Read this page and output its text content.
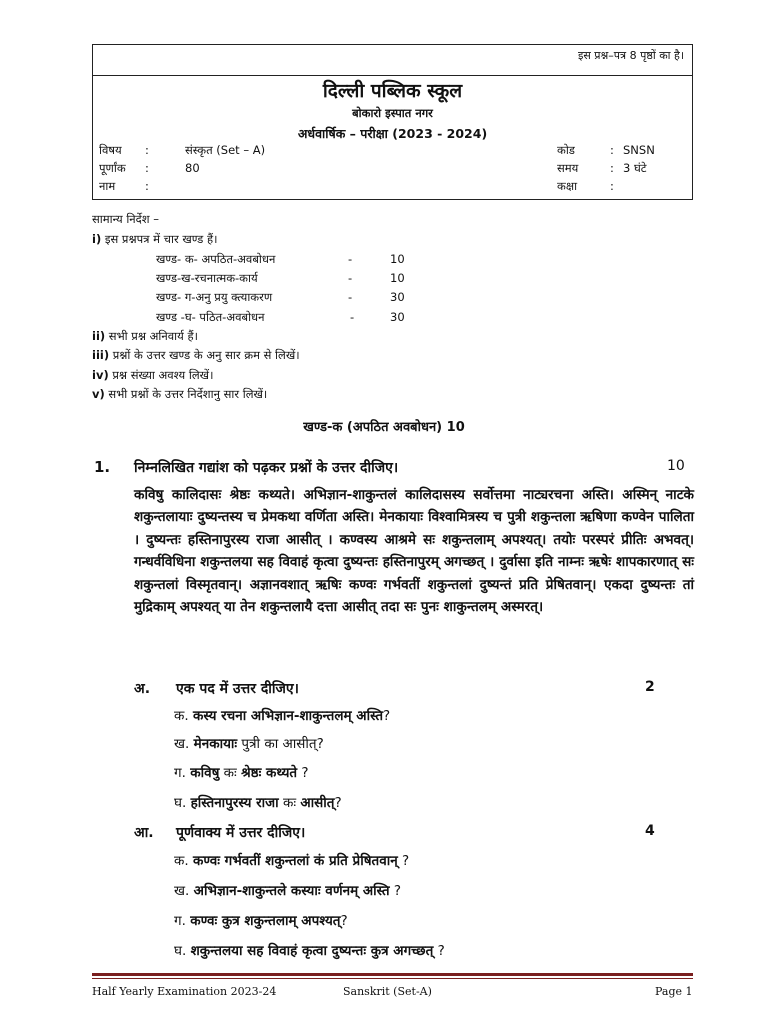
इस प्रश्न–पत्र 8 पृष्ठों का है।
दिल्ली पब्लिक स्कूल
बोकारो इस्पात नगर
अर्धवार्षिक – परीक्षा (2023 - 2024)
विषय :	संस्कृत (Set – A)	कोड	: SNSN
पूर्णांक :	80	समय	: 3 घंटे
नाम	:	कक्षा	:
सामान्य निर्देश –
i) इस प्रश्नपत्र में चार खण्ड हैं।
खण्ड- क- अपठित-अवबोधन	-	10
खण्ड-ख-रचनात्मक-कार्य	-	10
खण्ड- ग-अनु प्रयु क्त्याकरण	-	30
खण्ड -घ- पठित-अवबोधन	-	30
ii) सभी प्रश्न अनिवार्य हैं।
iii) प्रश्नों के उत्तर खण्ड के अनु सार क्रम से लिखें।
iv) प्रश्न संख्या अवश्य लिखें।
v) सभी प्रश्नों के उत्तर निर्देशानु सार लिखें।
खण्ड-क (अपठित अवबोधन) 10
1. निम्नलिखित गद्यांश को पढ़कर प्रश्नों के उत्तर दीजिए।	10
कविषु कालिदासः श्रेष्ठः कथ्यते। अभिज्ञान-शाकुन्तलं कालिदासस्य सर्वोत्तमा नाट्यरचना अस्ति। अस्मिन् नाटके शकुन्तलायाः दुष्यन्तस्य च प्रेमकथा वर्णिता अस्ति। मेनकायाः विश्वामित्रस्य च पुत्री शकुन्तला ऋषिणा कण्वेन पालिता । दुष्यन्तः हस्तिनापुरस्य राजा आसीत् । कण्वस्य आश्रमे सः शकुन्तलाम् अपश्यत्। तयोः परस्परं प्रीतिः अभवत्। गन्धर्वविधिना शकुन्तलया सह विवाहं कृत्वा दुष्यन्तः हस्तिनापुरम् अगच्छत् । दुर्वासा इति नाम्नः ऋषेः शापकारणात् सः शकुन्तलां विस्मृतवान्। अज्ञानवशात् ऋषिः कण्वः गर्भवतीं शकुन्तलां दुष्यन्तं प्रति प्रेषितवान्। एकदा दुष्यन्तः तां मुद्रिकाम् अपश्यत् या तेन शकुन्तलायै दत्ता आसीत् तदा सः पुनः शाकुन्तलम् अस्मरत्।
अ. एक पद में उत्तर दीजिए।	2
क. कस्य रचना अभिज्ञान-शाकुन्तलम् अस्ति?
ख. मेनकायाः पुत्री का आसीत्?
ग. कविषु कः श्रेष्ठः कथ्यते ?
घ. हस्तिनापुरस्य राजा कः आसीत्?
आ. पूर्णवाक्य में उत्तर दीजिए।	4
क. कण्वः गर्भवतीं शकुन्तलां कं प्रति प्रेषितवान् ?
ख. अभिज्ञान-शाकुन्तले कस्याः वर्णनम् अस्ति ?
ग. कण्वः कुत्र शकुन्तलाम् अपश्यत्?
घ. शकुन्तलया सह विवाहं कृत्वा दुष्यन्तः कुत्र अगच्छत् ?
Half Yearly Examination 2023-24	Sanskrit (Set-A)	Page 1
